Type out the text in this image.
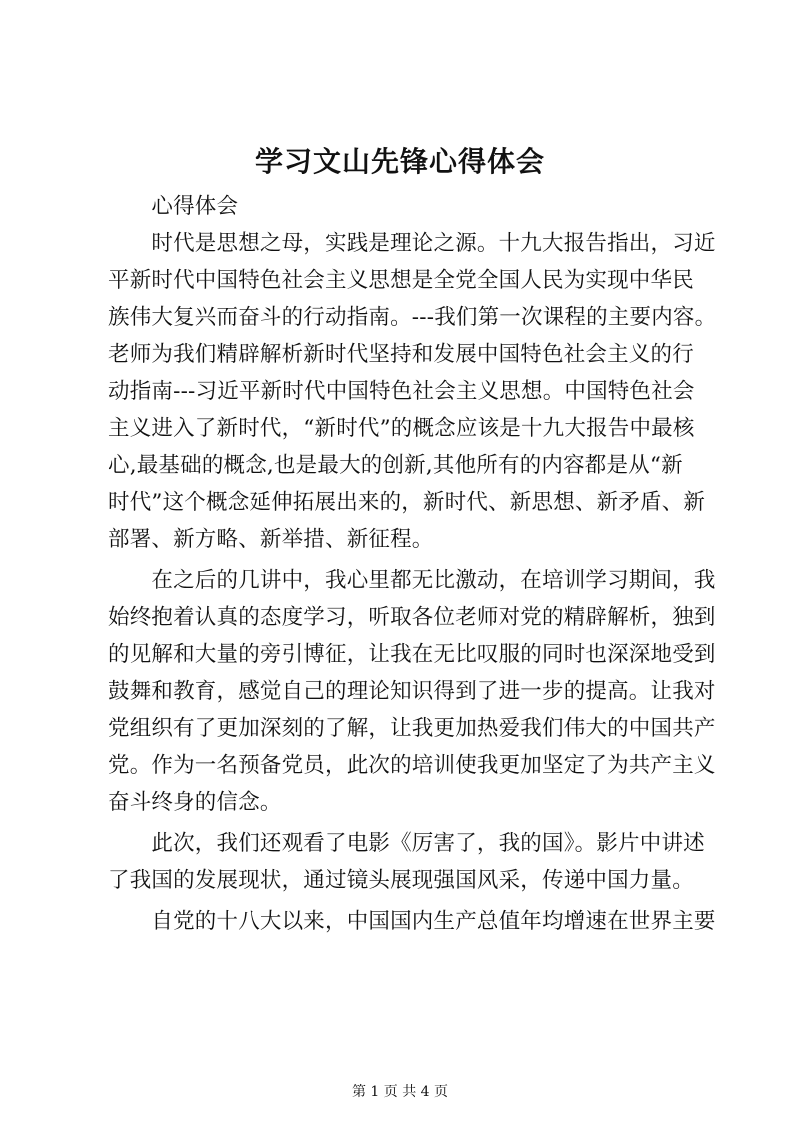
学习文山先锋心得体会
　　心得体会
　　时代是思想之母，实践是理论之源。十九大报告指出，习近
平新时代中国特色社会主义思想是全党全国人民为实现中华民
族伟大复兴而奋斗的行动指南。---我们第一次课程的主要内容。
老师为我们精辟解析新时代坚持和发展中国特色社会主义的行
动指南---习近平新时代中国特色社会主义思想。中国特色社会
主义进入了新时代，“新时代”的概念应该是十九大报告中最核
心,最基础的概念,也是最大的创新,其他所有的内容都是从“新
时代”这个概念延伸拓展出来的，新时代、新思想、新矛盾、新
部署、新方略、新举措、新征程。
　　在之后的几讲中，我心里都无比激动，在培训学习期间，我
始终抱着认真的态度学习，听取各位老师对党的精辟解析，独到
的见解和大量的旁引博征，让我在无比叹服的同时也深深地受到
鼓舞和教育，感觉自己的理论知识得到了进一步的提高。让我对
党组织有了更加深刻的了解，让我更加热爱我们伟大的中国共产
党。作为一名预备党员，此次的培训使我更加坚定了为共产主义
奋斗终身的信念。
　　此次，我们还观看了电影《厉害了，我的国》。影片中讲述
了我国的发展现状，通过镜头展现强国风采，传递中国力量。
　　自党的十八大以来，中国国内生产总值年均增速在世界主要
第 1 页 共 4 页
